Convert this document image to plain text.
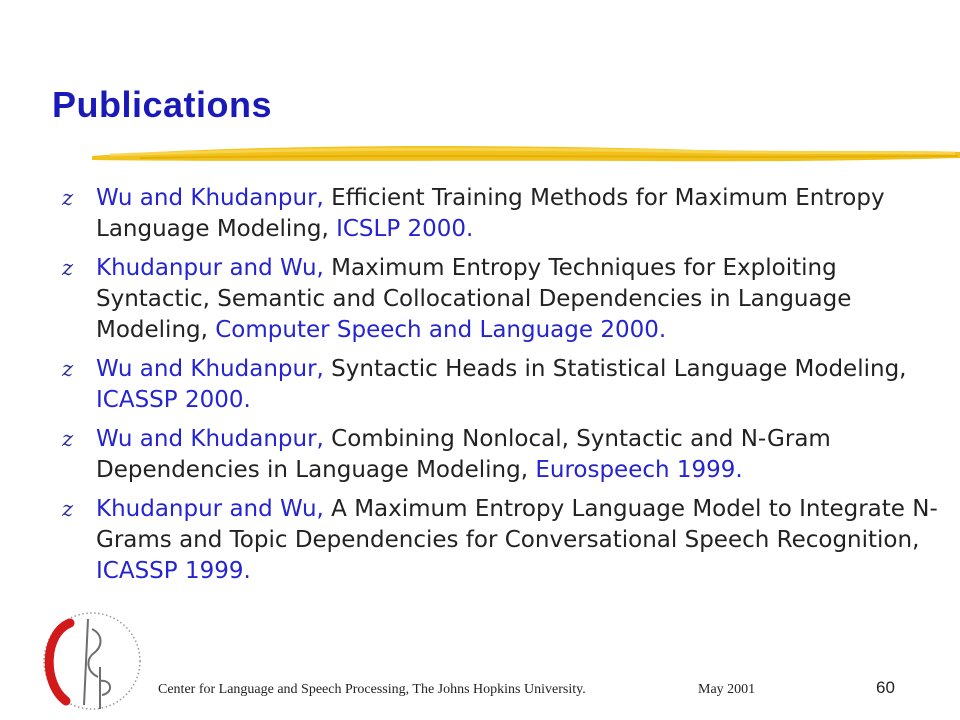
Publications
z Wu and Khudanpur, Efficient Training Methods for Maximum Entropy Language Modeling, ICSLP 2000.
z Khudanpur and Wu, Maximum Entropy Techniques for Exploiting Syntactic, Semantic and Collocational Dependencies in Language Modeling, Computer Speech and Language 2000.
z Wu and Khudanpur, Syntactic Heads in Statistical Language Modeling, ICASSP 2000.
z Wu and Khudanpur, Combining Nonlocal, Syntactic and N-Gram Dependencies in Language Modeling, Eurospeech 1999.
z Khudanpur and Wu, A Maximum Entropy Language Model to Integrate N-Grams and Topic Dependencies for Conversational Speech Recognition, ICASSP 1999.
Center for Language and Speech Processing, The Johns Hopkins University.	May 2001	60
